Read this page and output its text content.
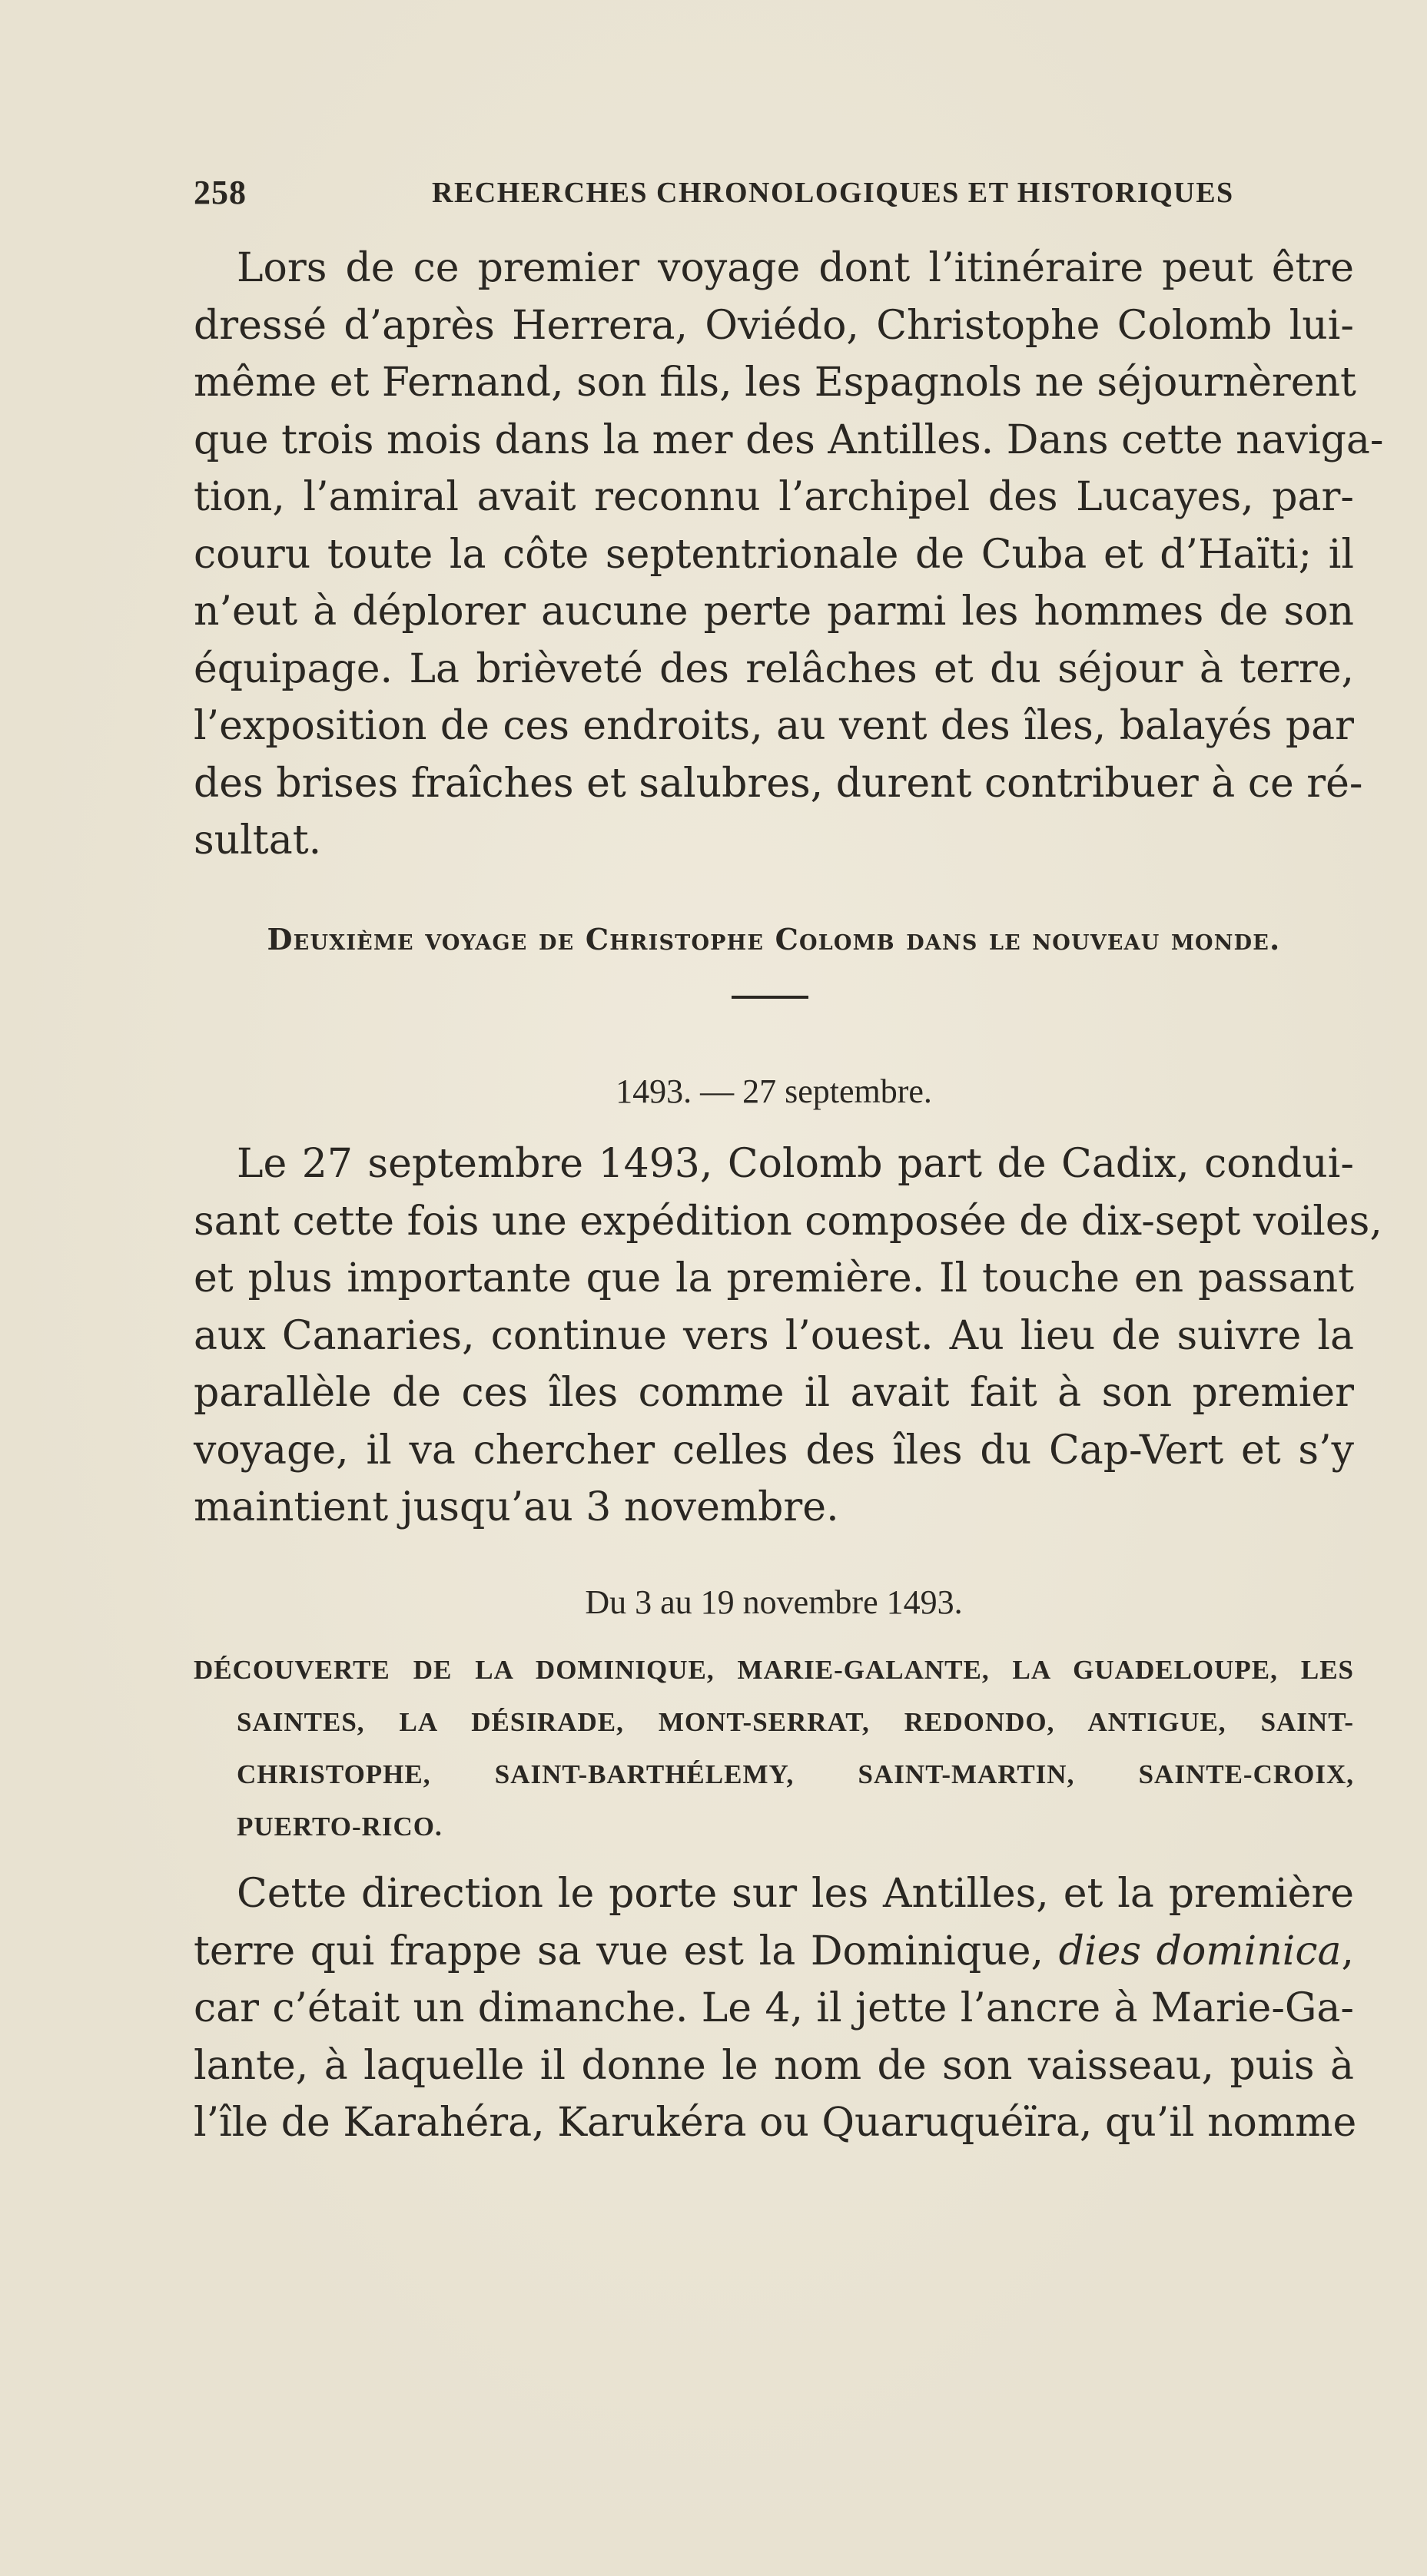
258	RECHERCHES CHRONOLOGIQUES ET HISTORIQUES
Lors de ce premier voyage dont l’itinéraire peut être
dressé d’après Herrera, Oviédo, Christophe Colomb lui-
même et Fernand, son fils, les Espagnols ne séjournèrent
que trois mois dans la mer des Antilles. Dans cette naviga-
tion, l’amiral avait reconnu l’archipel des Lucayes, par-
couru toute la côte septentrionale de Cuba et d’Haïti; il
n’eut à déplorer aucune perte parmi les hommes de son
équipage. La brièveté des relâches et du séjour à terre,
l’exposition de ces endroits, au vent des îles, balayés par
des brises fraîches et salubres, durent contribuer à ce ré-
sultat.
Deuxième voyage de Christophe Colomb dans le nouveau monde.
1493. — 27 septembre.
Le 27 septembre 1493, Colomb part de Cadix, condui-
sant cette fois une expédition composée de dix-sept voiles,
et plus importante que la première. Il touche en passant
aux Canaries, continue vers l’ouest. Au lieu de suivre la
parallèle de ces îles comme il avait fait à son premier
voyage, il va chercher celles des îles du Cap-Vert et s’y
maintient jusqu’au 3 novembre.
Du 3 au 19 novembre 1493.
DÉCOUVERTE DE LA DOMINIQUE, MARIE-GALANTE, LA GUADELOUPE, LES
SAINTES, LA DÉSIRADE, MONT-SERRAT, REDONDO, ANTIGUE, SAINT-
CHRISTOPHE, SAINT-BARTHÉLEMY, SAINT-MARTIN, SAINTE-CROIX,
PUERTO-RICO.
Cette direction le porte sur les Antilles, et la première
terre qui frappe sa vue est la Dominique, dies dominica,
car c’était un dimanche. Le 4, il jette l’ancre à Marie-Ga-
lante, à laquelle il donne le nom de son vaisseau, puis à
l’île de Karahéra, Karukéra ou Quaruquéïra, qu’il nomme
